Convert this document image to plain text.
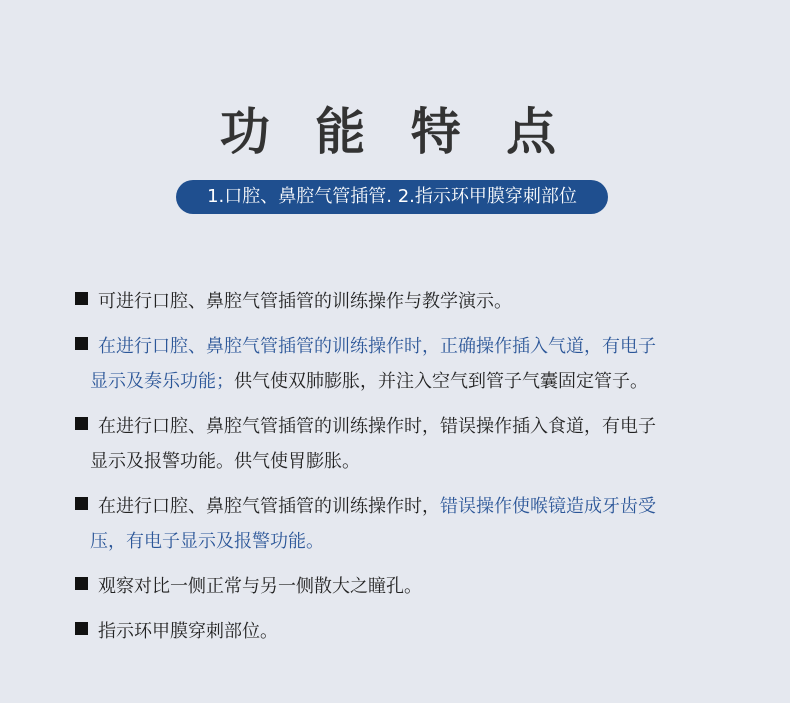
功 能 特 点
1.口腔、鼻腔气管插管. 2.指示环甲膜穿刺部位
可进行口腔、鼻腔气管插管的训练操作与教学演示。
在进行口腔、鼻腔气管插管的训练操作时，正确操作插入气道，有电子
显示及奏乐功能；供气使双肺膨胀，并注入空气到管子气囊固定管子。
在进行口腔、鼻腔气管插管的训练操作时，错误操作插入食道，有电子
显示及报警功能。供气使胃膨胀。
在进行口腔、鼻腔气管插管的训练操作时，错误操作使喉镜造成牙齿受
压，有电子显示及报警功能。
观察对比一侧正常与另一侧散大之瞳孔。
指示环甲膜穿刺部位。
